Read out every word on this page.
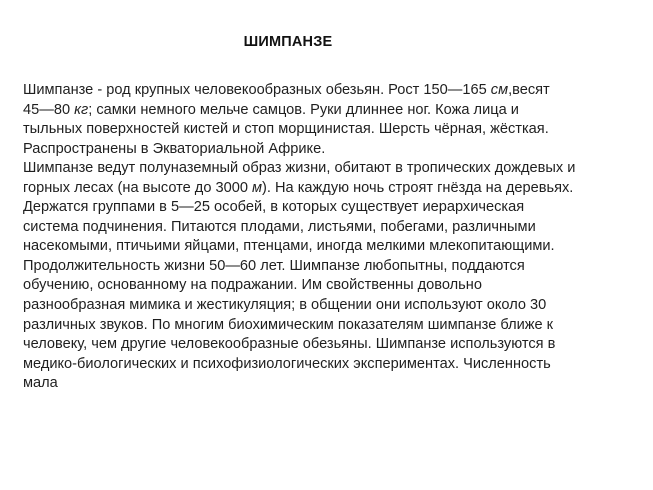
ШИМПАНЗЕ
Шимпанзе - род крупных человекообразных обезьян. Рост 150—165 см,весят
45—80 кг; самки немного мельче самцов. Руки длиннее ног. Кожа лица и
тыльных поверхностей кистей и стоп морщинистая. Шерсть чёрная, жёсткая.
Распространены в Экваториальной Африке.
Шимпанзе ведут полуназемный образ жизни, обитают в тропических дождевых и
горных лесах (на высоте до 3000 м). На каждую ночь строят гнёзда на деревьях.
Держатся группами в 5—25 особей, в которых существует иерархическая
система подчинения. Питаются плодами, листьями, побегами, различными
насекомыми, птичьими яйцами, птенцами, иногда мелкими млекопитающими.
Продолжительность жизни 50—60 лет. Шимпанзе любопытны, поддаются
обучению, основанному на подражании. Им свойственны довольно
разнообразная мимика и жестикуляция; в общении они используют около 30
различных звуков. По многим биохимическим показателям шимпанзе ближе к
человеку, чем другие человекообразные обезьяны. Шимпанзе используются в
медико-биологических и психофизиологических экспериментах. Численность
мала
